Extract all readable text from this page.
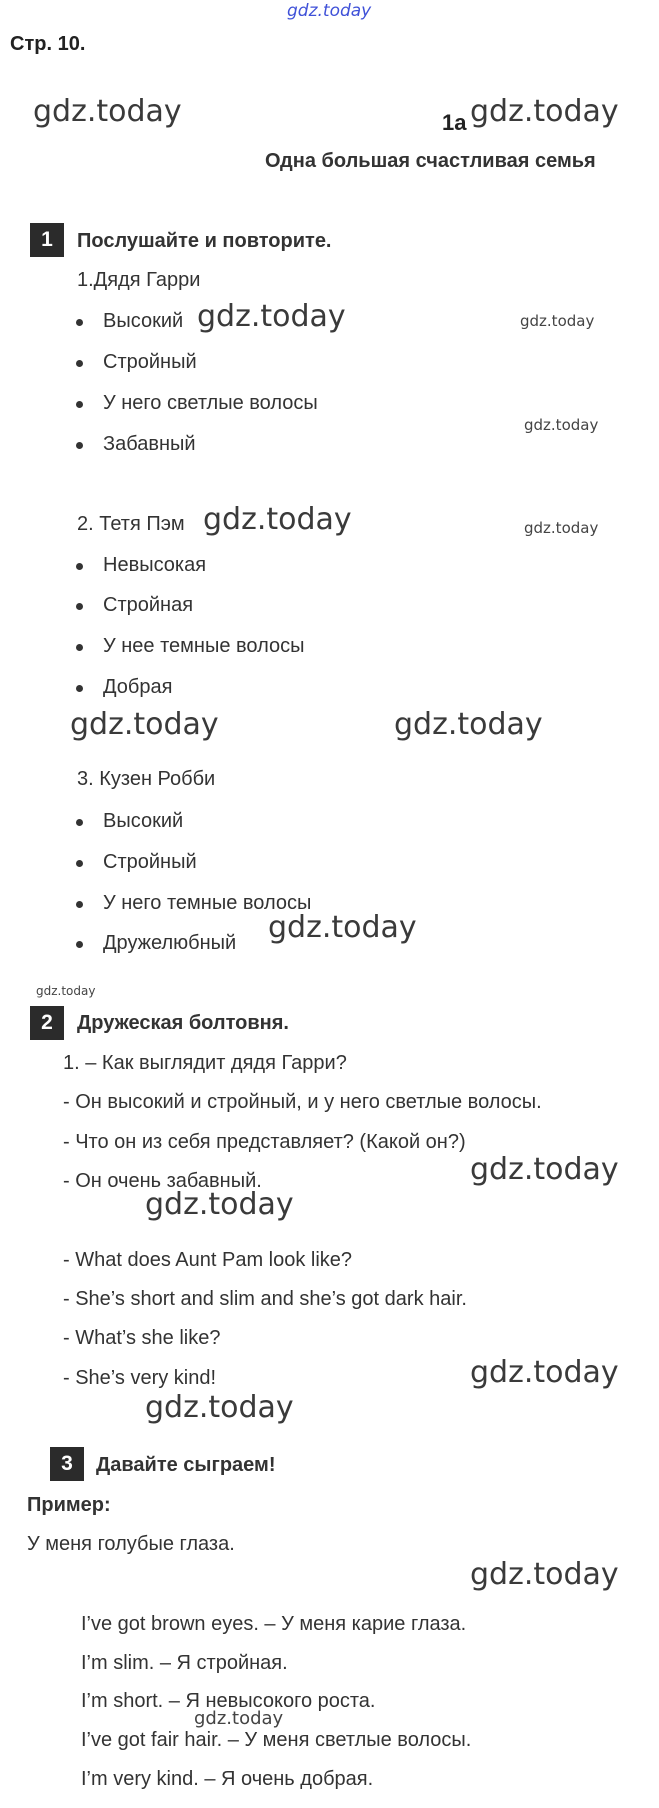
gdz.today
gdz.today	gdz.today
gdz.today	gdz.today
gdz.today
gdz.today	gdz.today
gdz.today	gdz.today
gdz.today
gdz.today
gdz.today
gdz.today
gdz.today
gdz.today
gdz.today
gdz.today
Стр. 10.
1a
Одна большая счастливая семья
1	Послушайте и повторите.
1.Дядя Гарри
Высокий
Стройный
У него светлые волосы
Забавный
2. Тетя Пэм
Невысокая
Стройная
У нее темные волосы
Добрая
3. Кузен Робби
Высокий
Стройный
У него темные волосы
Дружелюбный
2	Дружеская болтовня.
1. – Как выглядит дядя Гарри?
- Он высокий и стройный, и у него светлые волосы.
- Что он из себя представляет? (Какой он?)
- Он очень забавный.
- What does Aunt Pam look like?
- She’s short and slim and she’s got dark hair.
- What’s she like?
- She’s very kind!
3	Давайте сыграем!
Пример:
У меня голубые глаза.
I’ve got brown eyes. – У меня карие глаза.
I’m slim. – Я стройная.
I’m short. – Я невысокого роста.
I’ve got fair hair. – У меня светлые волосы.
I’m very kind. – Я очень добрая.
